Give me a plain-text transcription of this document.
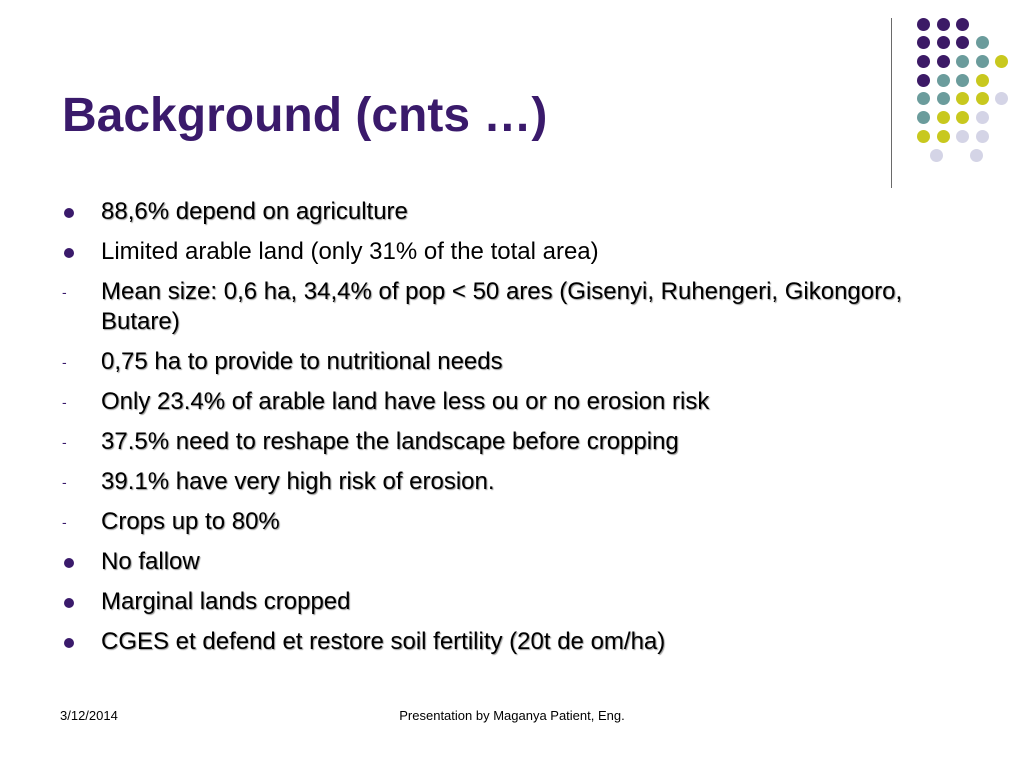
Background (cnts …)
88,6% depend on agriculture
Limited arable land (only 31% of the total area)
- Mean size: 0,6 ha, 34,4% of pop < 50 ares (Gisenyi, Ruhengeri, Gikongoro, Butare)
- 0,75 ha to provide to nutritional needs
- Only 23.4% of arable land have less ou or no erosion risk
- 37.5% need to reshape the landscape before cropping
- 39.1% have very high risk of erosion.
- Crops up to 80%
No fallow
Marginal lands cropped
CGES et defend et restore soil fertility (20t de om/ha)
3/12/2014	Presentation by Maganya Patient, Eng.
